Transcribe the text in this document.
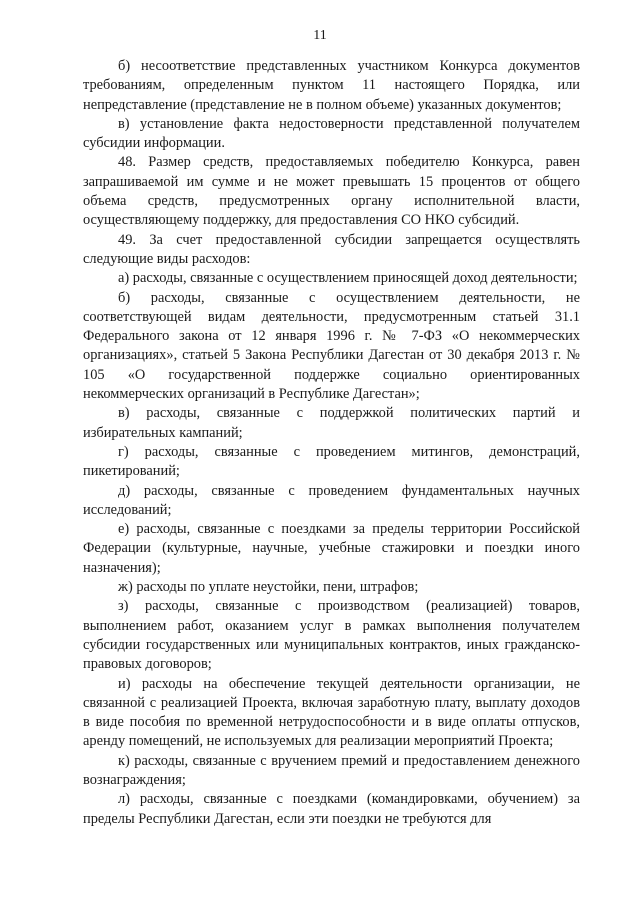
11

б) несоответствие представленных участником Конкурса документов требованиям, определенным пунктом 11 настоящего Порядка, или непредставление (представление не в полном объеме) указанных документов;

в) установление факта недостоверности представленной получателем субсидии информации.

48. Размер средств, предоставляемых победителю Конкурса, равен запрашиваемой им сумме и не может превышать 15 процентов от общего объема средств, предусмотренных органу исполнительной власти, осуществляющему поддержку, для предоставления СО НКО субсидий.

49. За счет предоставленной субсидии запрещается осуществлять следующие виды расходов:

а) расходы, связанные с осуществлением приносящей доход деятельности;

б) расходы, связанные с осуществлением деятельности, не соответствующей видам деятельности, предусмотренным статьей 31.1 Федерального закона от 12 января 1996 г. № 7-ФЗ «О некоммерческих организациях», статьей 5 Закона Республики Дагестан от 30 декабря 2013 г. № 105 «О государственной поддержке социально ориентированных некоммерческих организаций в Республике Дагестан»;

в) расходы, связанные с поддержкой политических партий и избирательных кампаний;

г) расходы, связанные с проведением митингов, демонстраций, пикетирований;

д) расходы, связанные с проведением фундаментальных научных исследований;

е) расходы, связанные с поездками за пределы территории Российской Федерации (культурные, научные, учебные стажировки и поездки иного назначения);

ж) расходы по уплате неустойки, пени, штрафов;

з) расходы, связанные с производством (реализацией) товаров, выполнением работ, оказанием услуг в рамках выполнения получателем субсидии государственных или муниципальных контрактов, иных гражданско-правовых договоров;

и) расходы на обеспечение текущей деятельности организации, не связанной с реализацией Проекта, включая заработную плату, выплату доходов в виде пособия по временной нетрудоспособности и в виде оплаты отпусков, аренду помещений, не используемых для реализации мероприятий Проекта;

к) расходы, связанные с вручением премий и предоставлением денежного вознаграждения;

л) расходы, связанные с поездками (командировками, обучением) за пределы Республики Дагестан, если эти поездки не требуются для
